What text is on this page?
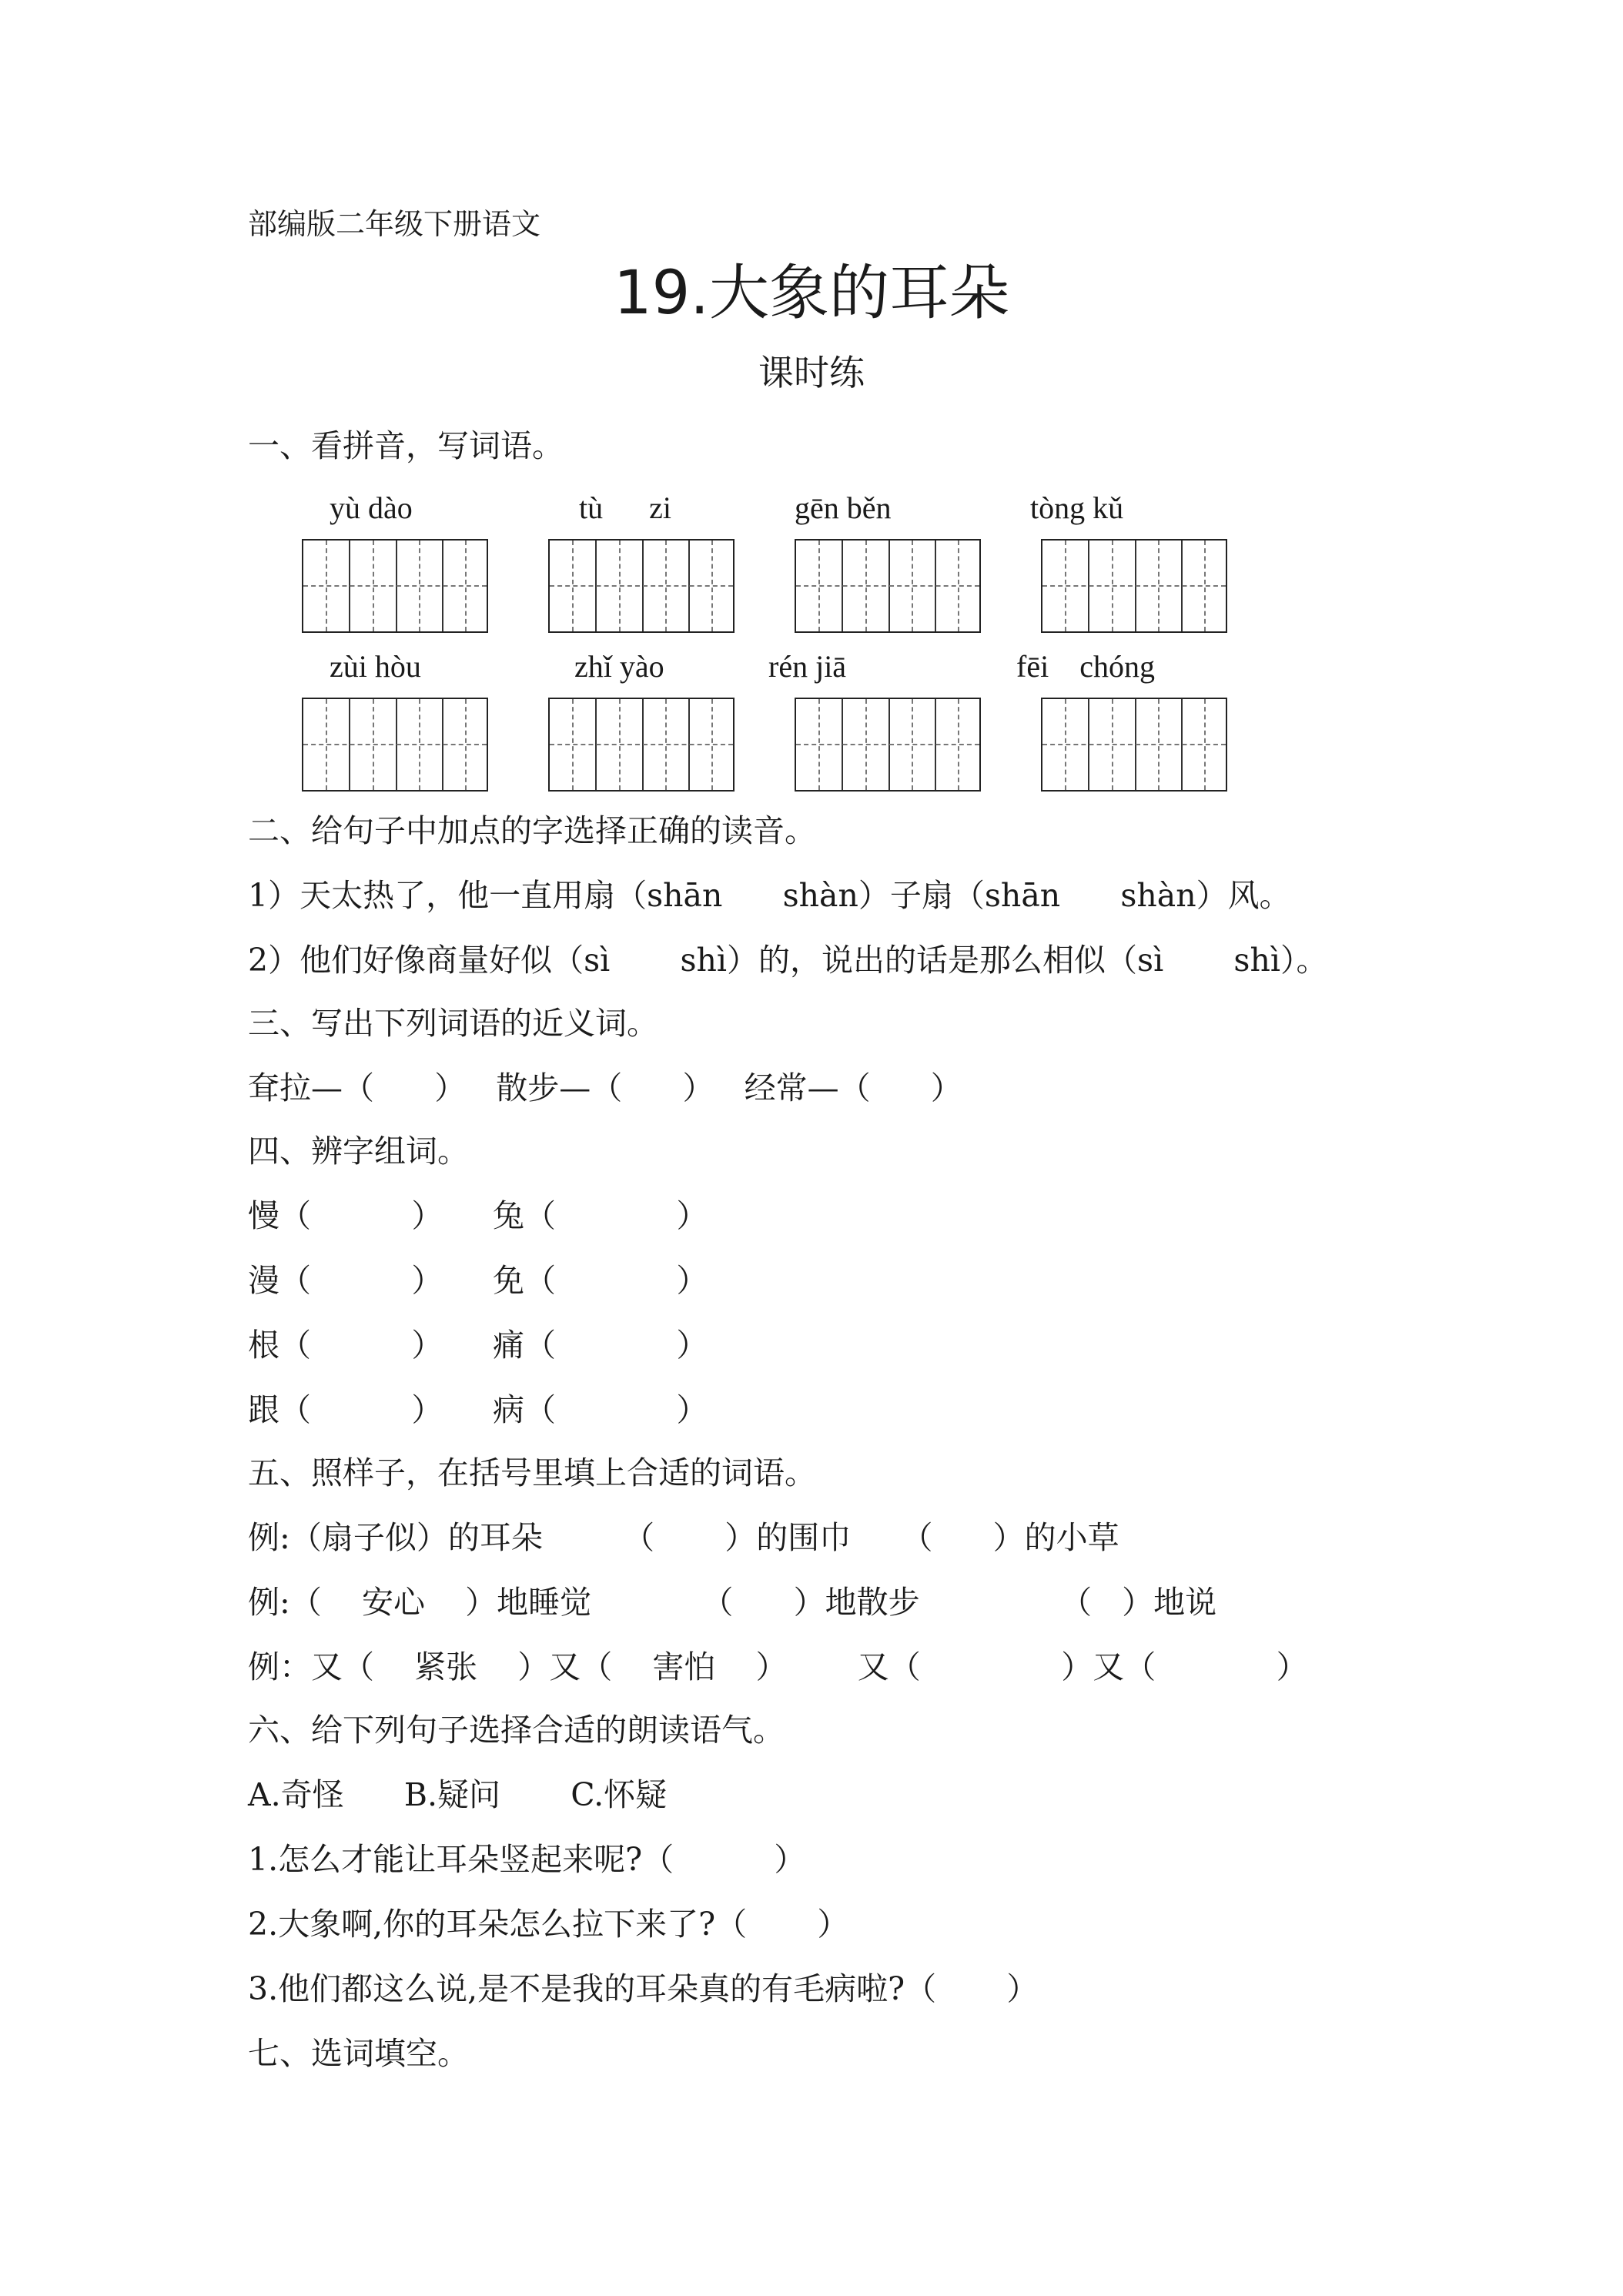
部编版二年级下册语文
19.大象的耳朵
课时练
一、看拼音，写词语。
yù dào	tù      zi	gēn běn	tòng kǔ
zùi hòu	zhǐ yào	rén jiā	fēi    chóng
二、给句子中加点的字选择正确的读音。
1）天太热了，他一直用扇（shān      shàn）子扇（shān      shàn）风。
2）他们好像商量好似（sì       shì）的，说出的话是那么相似（sì       shì）。
三、写出下列词语的近义词。
耷拉—（      ）   散步—（      ）   经常—（      ）
四、辨字组词。
慢（          ） 兔（            ）
漫（          ） 免（            ）
根（          ） 痛（            ）
跟（          ） 病（            ）
五、照样子，在括号里填上合适的词语。
例:（扇子似）的耳朵        （       ）的围巾     （      ）的小草
例:（    安心    ）地睡觉           （      ）地散步              （   ）地说
例：又（    紧张    ）又（    害怕    ）       又（              ）又（            ）
六、给下列句子选择合适的朗读语气。
A.奇怪      B.疑问       C.怀疑
1.怎么才能让耳朵竖起来呢?（          ）
2.大象啊,你的耳朵怎么拉下来了?（       ）
3.他们都这么说,是不是我的耳朵真的有毛病啦?（       ）
七、选词填空。
